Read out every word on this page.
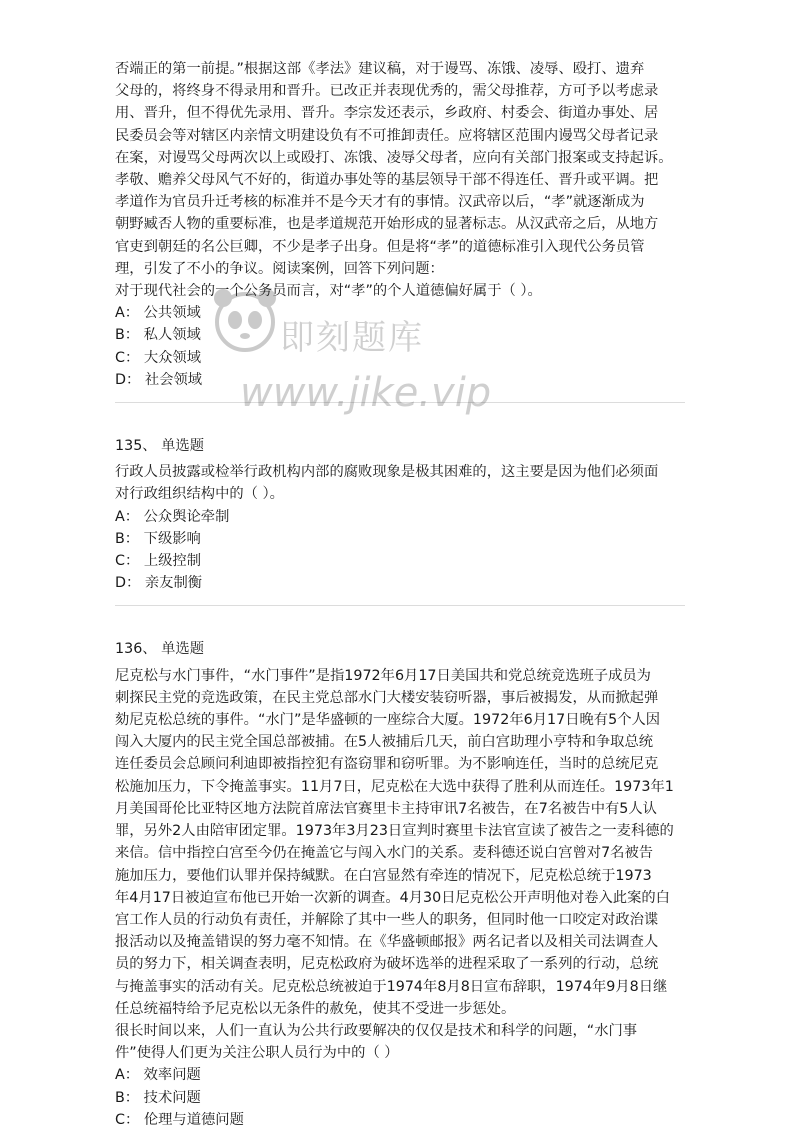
否端正的第一前提。”根据这部《孝法》建议稿，对于谩骂、冻饿、凌辱、殴打、遗弃

父母的，将终身不得录用和晋升。已改正并表现优秀的，需父母推荐，方可予以考虑录

用、晋升，但不得优先录用、晋升。李宗发还表示，乡政府、村委会、街道办事处、居

民委员会等对辖区内亲情文明建设负有不可推卸责任。应将辖区范围内谩骂父母者记录

在案，对谩骂父母两次以上或殴打、冻饿、凌辱父母者，应向有关部门报案或支持起诉。

孝敬、赡养父母风气不好的，街道办事处等的基层领导干部不得连任、晋升或平调。把

孝道作为官员升迁考核的标准并不是今天才有的事情。汉武帝以后，“孝”就逐渐成为

朝野臧否人物的重要标准，也是孝道规范开始形成的显著标志。从汉武帝之后，从地方

官吏到朝廷的名公巨卿，不少是孝子出身。但是将“孝”的道德标准引入现代公务员管

理，引发了不小的争议。阅读案例，回答下列问题：

对于现代社会的一个公务员而言，对“孝”的个人道德偏好属于（ ）。

A： 公共领域

B： 私人领域

C： 大众领域

D： 社会领域

135、 单选题

行政人员披露或检举行政机构内部的腐败现象是极其困难的，这主要是因为他们必须面

对行政组织结构中的（ ）。

A： 公众舆论牵制

B： 下级影响

C： 上级控制

D： 亲友制衡

136、 单选题

尼克松与水门事件，“水门事件”是指1972年6月17日美国共和党总统竞选班子成员为

刺探民主党的竞选政策，在民主党总部水门大楼安装窃听器，事后被揭发，从而掀起弹

劾尼克松总统的事件。“水门”是华盛顿的一座综合大厦。1972年6月17日晚有5个人因

闯入大厦内的民主党全国总部被捕。在5人被捕后几天，前白宫助理小亨特和争取总统

连任委员会总顾问利迪即被指控犯有盗窃罪和窃听罪。为不影响连任，当时的总统尼克

松施加压力，下令掩盖事实。11月7日，尼克松在大选中获得了胜利从而连任。1973年1

月美国哥伦比亚特区地方法院首席法官赛里卡主持审讯7名被告，在7名被告中有5人认

罪，另外2人由陪审团定罪。1973年3月23日宣判时赛里卡法官宣读了被告之一麦科德的

来信。信中指控白宫至今仍在掩盖它与闯入水门的关系。麦科德还说白宫曾对7名被告

施加压力，要他们认罪并保持缄默。在白宫显然有牵连的情况下，尼克松总统于1973

年4月17日被迫宣布他已开始一次新的调查。4月30日尼克松公开声明他对卷入此案的白

宫工作人员的行动负有责任，并解除了其中一些人的职务，但同时他一口咬定对政治谍

报活动以及掩盖错误的努力毫不知情。在《华盛顿邮报》两名记者以及相关司法调查人

员的努力下，相关调查表明，尼克松政府为破坏选举的进程采取了一系列的行动，总统

与掩盖事实的活动有关。尼克松总统被迫于1974年8月8日宣布辞职，1974年9月8日继

任总统福特给予尼克松以无条件的赦免，使其不受进一步惩处。

很长时间以来，人们一直认为公共行政要解决的仅仅是技术和科学的问题，“水门事

件”使得人们更为关注公职人员行为中的（ ）

A： 效率问题

B： 技术问题

C： 伦理与道德问题

即刻题库
www.jike.vip
